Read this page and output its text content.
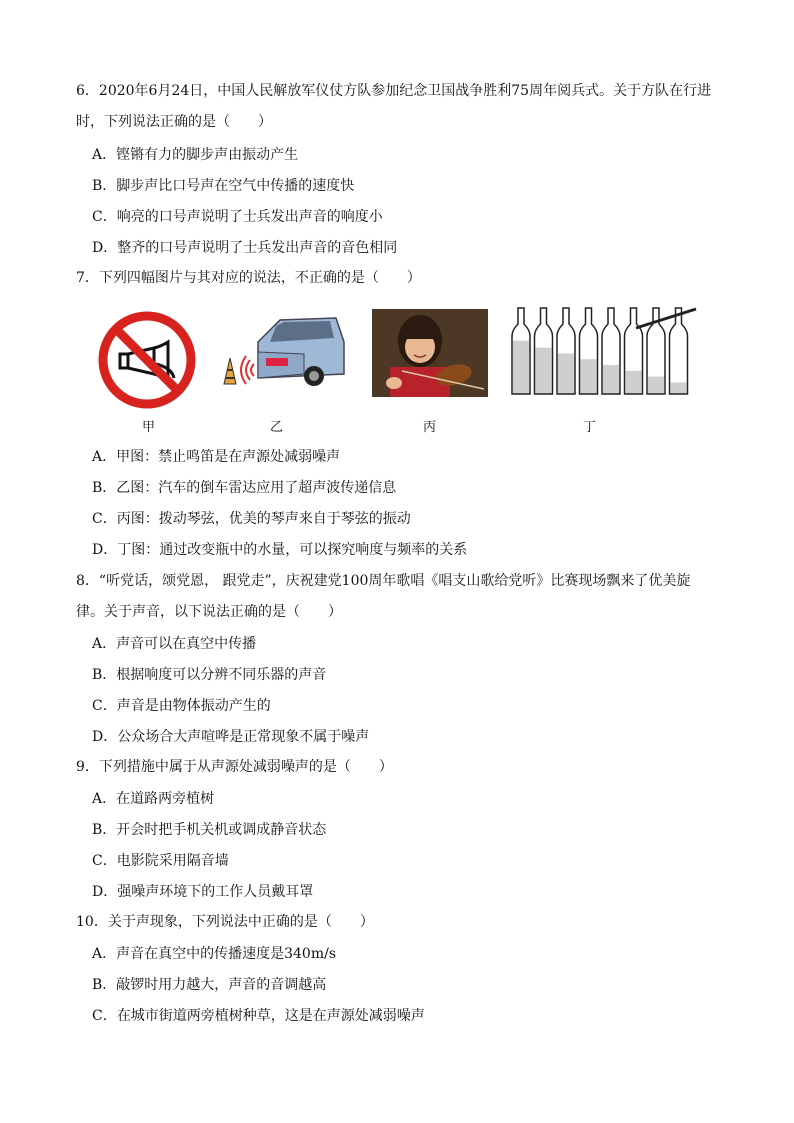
6．2020年6月24日，中国人民解放军仪仗方队参加纪念卫国战争胜利75周年阅兵式。关于方队在行进
时，下列说法正确的是（　　）
A．铿锵有力的脚步声由振动产生
B．脚步声比口号声在空气中传播的速度快
C．响亮的口号声说明了士兵发出声音的响度小
D．整齐的口号声说明了士兵发出声音的音色相同
7．下列四幅图片与其对应的说法，不正确的是（　　）
甲	乙	丙	丁
A．甲图：禁止鸣笛是在声源处减弱噪声
B．乙图：汽车的倒车雷达应用了超声波传递信息
C．丙图：拨动琴弦，优美的琴声来自于琴弦的振动
D．丁图：通过改变瓶中的水量，可以探究响度与频率的关系
8．“听党话，颂党恩， 跟党走”，庆祝建党100周年歌唱《唱支山歌给党听》比赛现场飘来了优美旋
律。关于声音，以下说法正确的是（　　）
A．声音可以在真空中传播
B．根据响度可以分辨不同乐器的声音
C．声音是由物体振动产生的
D．公众场合大声喧哗是正常现象不属于噪声
9．下列措施中属于从声源处减弱噪声的是（　　）
A．在道路两旁植树
B．开会时把手机关机或调成静音状态
C．电影院采用隔音墙
D．强噪声环境下的工作人员戴耳罩
10．关于声现象，下列说法中正确的是（　　）
A．声音在真空中的传播速度是340m/s
B．敲锣时用力越大，声音的音调越高
C．在城市街道两旁植树种草，这是在声源处减弱噪声
